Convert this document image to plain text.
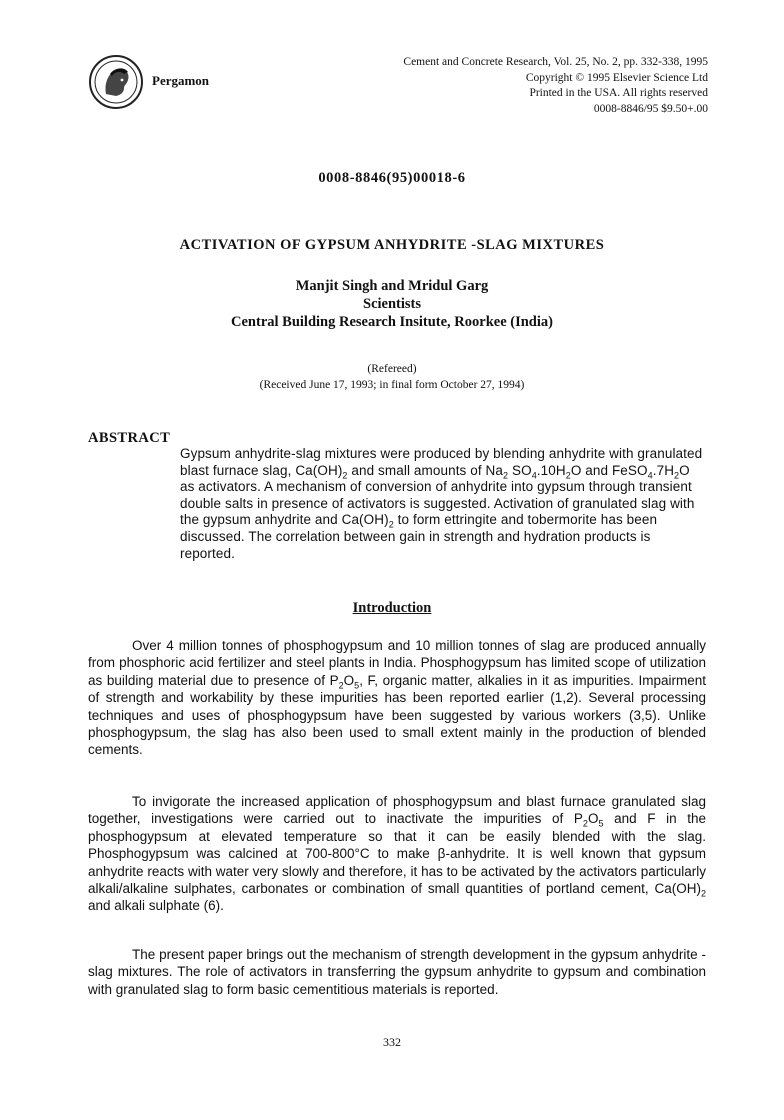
Pergamon
Cement and Concrete Research, Vol. 25, No. 2, pp. 332-338, 1995
Copyright © 1995 Elsevier Science Ltd
Printed in the USA. All rights reserved
0008-8846/95 $9.50+.00
0008-8846(95)00018-6
ACTIVATION OF GYPSUM ANHYDRITE -SLAG MIXTURES
Manjit Singh and Mridul Garg
Scientists
Central Building Research Insitute, Roorkee (India)
(Refereed)
(Received June 17, 1993; in final form October 27, 1994)
ABSTRACT
Gypsum anhydrite-slag mixtures were produced by blending anhydrite with granulated blast furnace slag, $Ca(OH)_2$ and small amounts of $Na_2$ $SO_4.10H_2O$ and $FeSO_4.7H_2O$ as activators. A mechanism of conversion of anhydrite into gypsum through transient double salts in presence of activators is suggested. Activation of granulated slag with the gypsum anhydrite and $Ca(OH)_2$ to form ettringite and tobermorite has been discussed. The correlation between gain in strength and hydration products is reported.
Introduction

Over 4 million tonnes of phosphogypsum and 10 million tonnes of slag are produced annually from phosphoric acid fertilizer and steel plants in India. Phosphogypsum has limited scope of utilization as building material due to presence of $P_2O_5$, F, organic matter, alkalies in it as impurities. Impairment of strength and workability by these impurities has been reported earlier (1,2). Several processing techniques and uses of phosphogypsum have been suggested by various workers (3,5). Unlike phosphogypsum, the slag has also been used to small extent mainly in the production of blended cements.

To invigorate the increased application of phosphogypsum and blast furnace granulated slag together, investigations were carried out to inactivate the impurities of $P_2O_5$ and F in the phosphogypsum at elevated temperature so that it can be easily blended with the slag. Phosphogypsum was calcined at 700-800°C to make β-anhydrite. It is well known that gypsum anhydrite reacts with water very slowly and therefore, it has to be activated by the activators particularly alkali/alkaline sulphates, carbonates or combination of small quantities of portland cement, $Ca(OH)_2$ and alkali sulphate (6).

The present paper brings out the mechanism of strength development in the gypsum anhydrite - slag mixtures. The role of activators in transferring the gypsum anhydrite to gypsum and combination with granulated slag to form basic cementitious materials is reported.

332
